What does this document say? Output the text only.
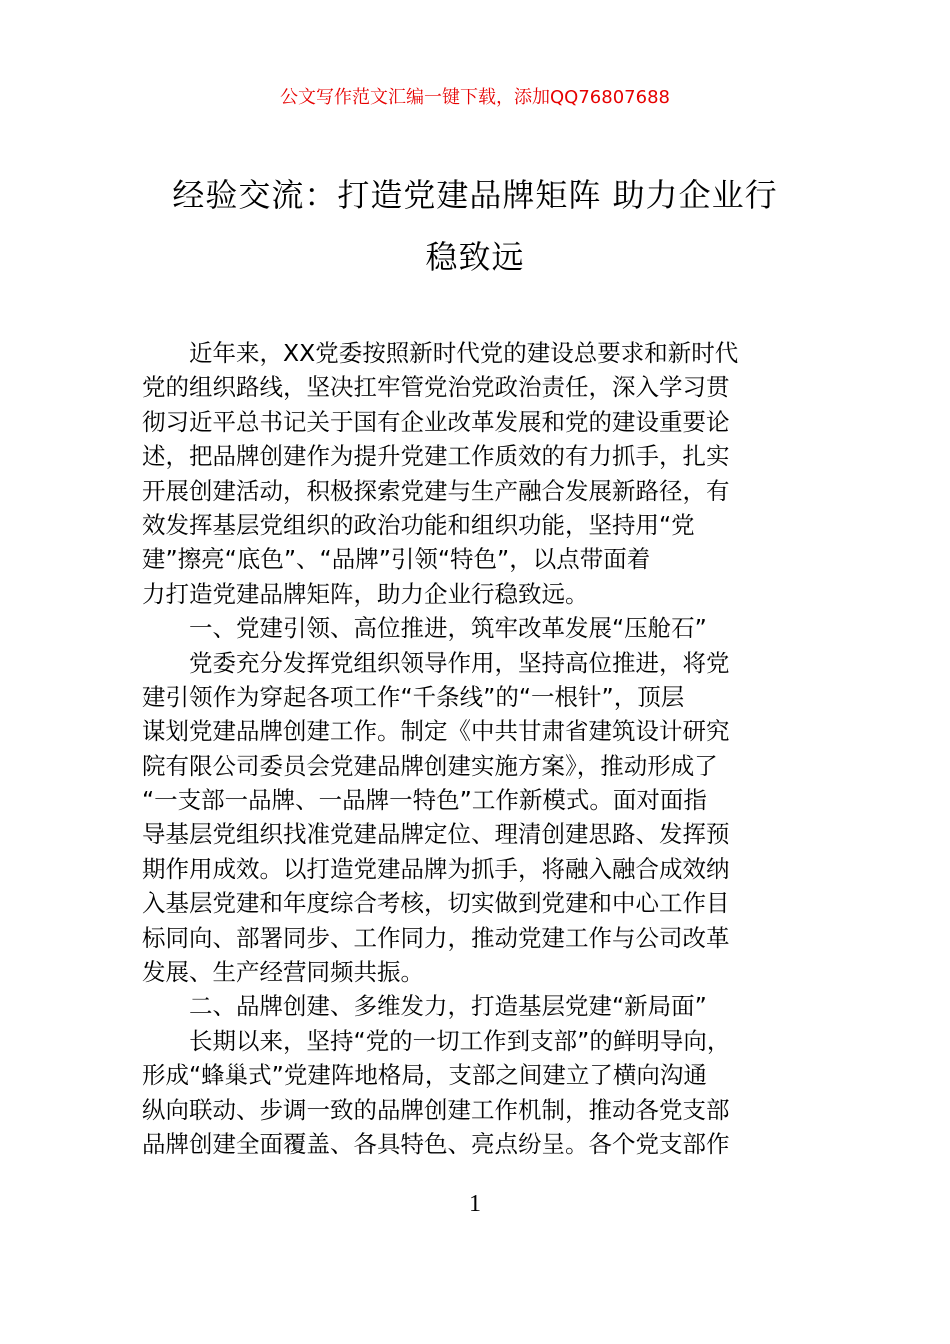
公文写作范文汇编一键下载，添加QQ76807688
经验交流：打造党建品牌矩阵 助力企业行
稳致远
　　近年来，XX党委按照新时代党的建设总要求和新时代
党的组织路线，坚决扛牢管党治党政治责任，深入学习贯
彻习近平总书记关于国有企业改革发展和党的建设重要论
述，把品牌创建作为提升党建工作质效的有力抓手，扎实
开展创建活动，积极探索党建与生产融合发展新路径，有
效发挥基层党组织的政治功能和组织功能，坚持用“党
建”擦亮“底色”、“品牌”引领“特色”，以点带面着
力打造党建品牌矩阵，助力企业行稳致远。
　　一、党建引领、高位推进，筑牢改革发展“压舱石”
　　党委充分发挥党组织领导作用，坚持高位推进，将党
建引领作为穿起各项工作“千条线”的“一根针”，顶层
谋划党建品牌创建工作。制定《中共甘肃省建筑设计研究
院有限公司委员会党建品牌创建实施方案》，推动形成了
“一支部一品牌、一品牌一特色”工作新模式。面对面指
导基层党组织找准党建品牌定位、理清创建思路、发挥预
期作用成效。以打造党建品牌为抓手，将融入融合成效纳
入基层党建和年度综合考核，切实做到党建和中心工作目
标同向、部署同步、工作同力，推动党建工作与公司改革
发展、生产经营同频共振。
　　二、品牌创建、多维发力，打造基层党建“新局面”
　　长期以来，坚持“党的一切工作到支部”的鲜明导向，
形成“蜂巢式”党建阵地格局，支部之间建立了横向沟通
纵向联动、步调一致的品牌创建工作机制，推动各党支部
品牌创建全面覆盖、各具特色、亮点纷呈。各个党支部作
1
